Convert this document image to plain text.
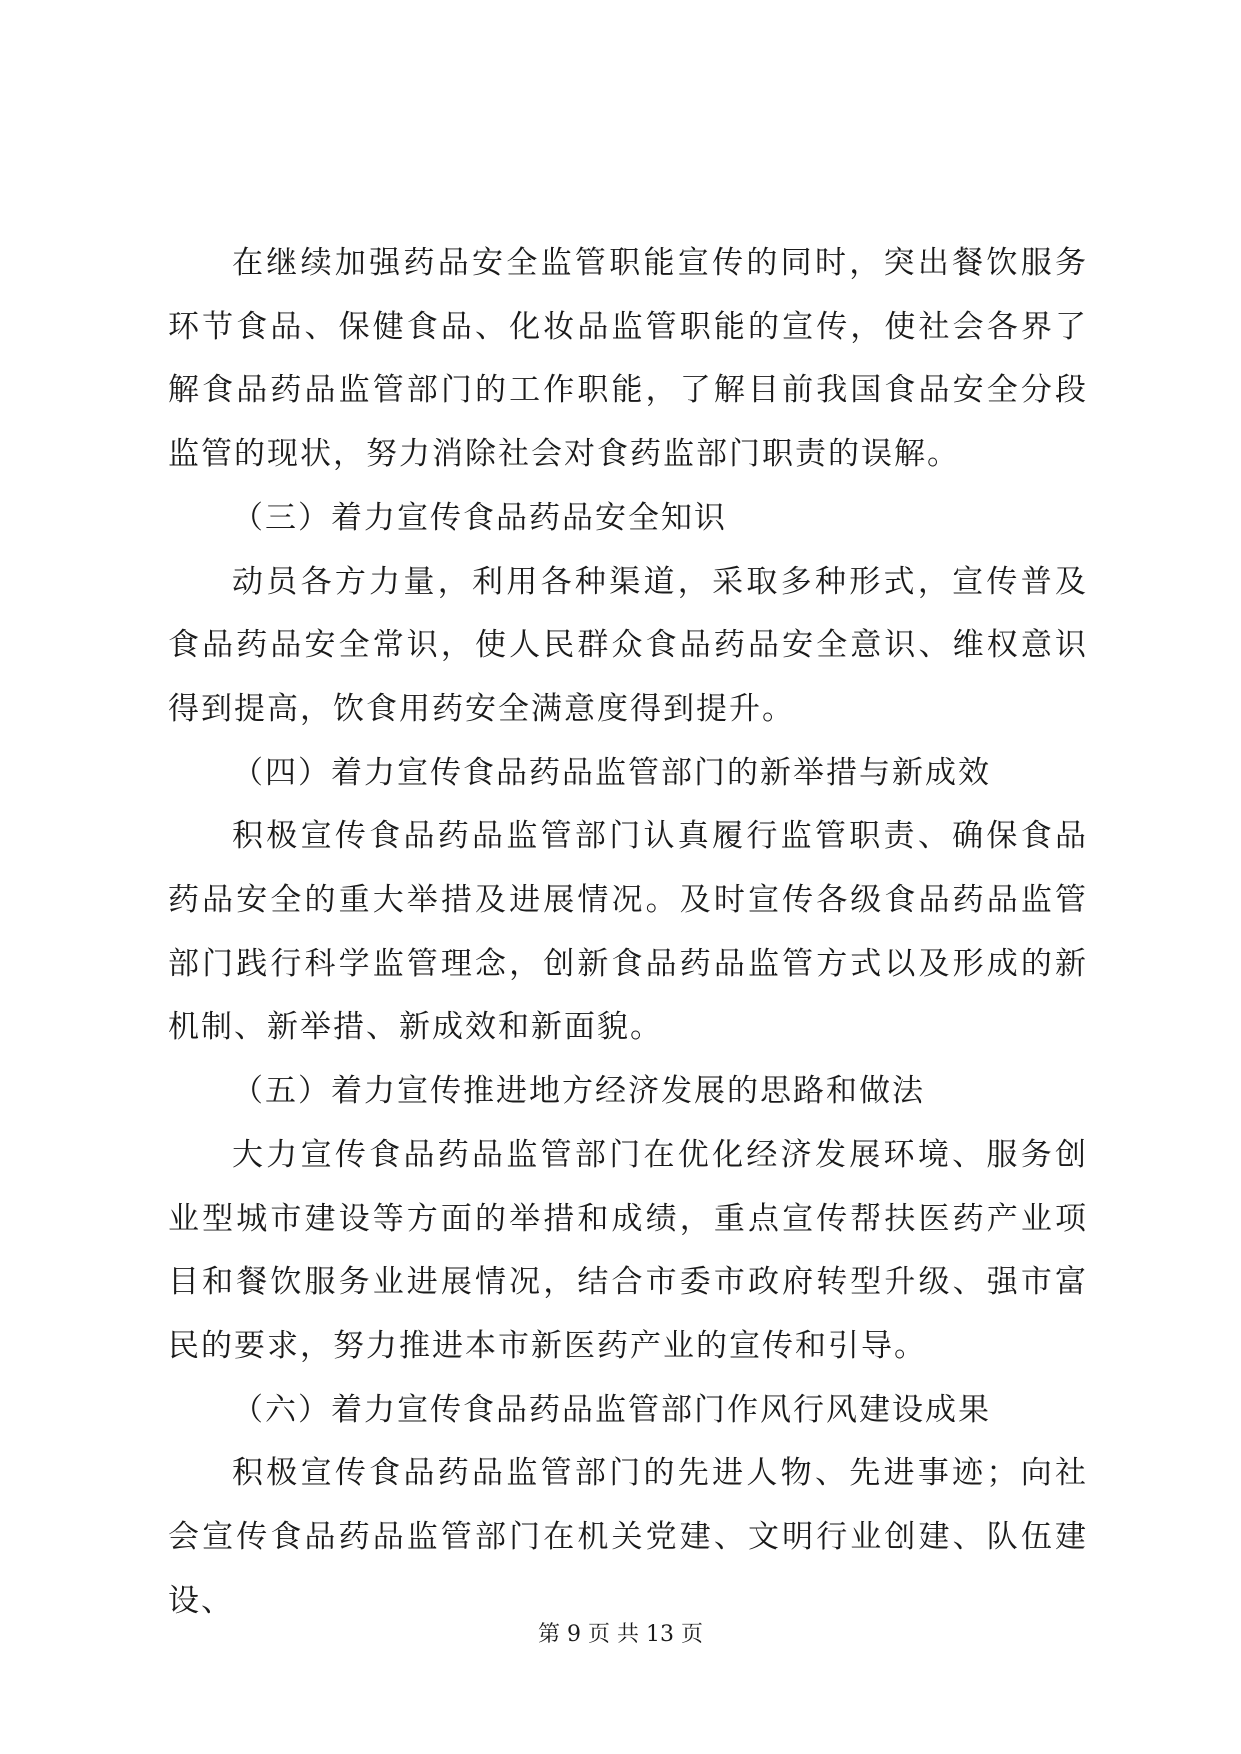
在继续加强药品安全监管职能宣传的同时，突出餐饮服务环节食品、保健食品、化妆品监管职能的宣传，使社会各界了解食品药品监管部门的工作职能，了解目前我国食品安全分段监管的现状，努力消除社会对食药监部门职责的误解。

（三）着力宣传食品药品安全知识

动员各方力量，利用各种渠道，采取多种形式，宣传普及食品药品安全常识，使人民群众食品药品安全意识、维权意识得到提高，饮食用药安全满意度得到提升。

（四）着力宣传食品药品监管部门的新举措与新成效

积极宣传食品药品监管部门认真履行监管职责、确保食品药品安全的重大举措及进展情况。及时宣传各级食品药品监管部门践行科学监管理念，创新食品药品监管方式以及形成的新机制、新举措、新成效和新面貌。

（五）着力宣传推进地方经济发展的思路和做法

大力宣传食品药品监管部门在优化经济发展环境、服务创业型城市建设等方面的举措和成绩，重点宣传帮扶医药产业项目和餐饮服务业进展情况，结合市委市政府转型升级、强市富民的要求，努力推进本市新医药产业的宣传和引导。

（六）着力宣传食品药品监管部门作风行风建设成果

积极宣传食品药品监管部门的先进人物、先进事迹；向社会宣传食品药品监管部门在机关党建、文明行业创建、队伍建设、

第 9 页 共 13 页
